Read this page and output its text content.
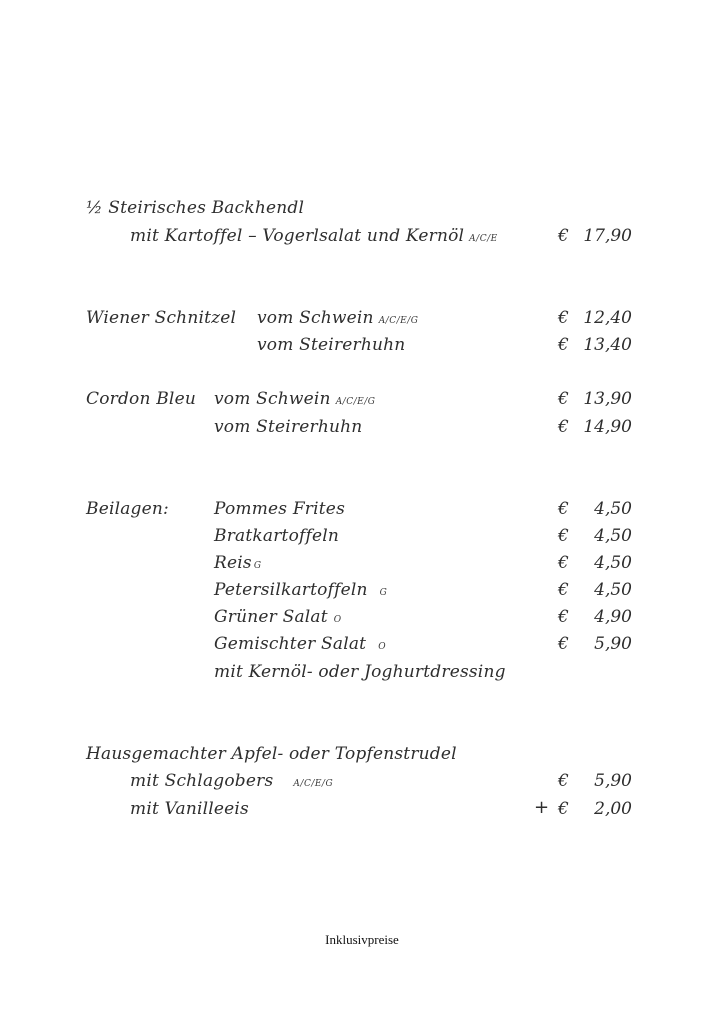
½ Steirisches Backhendl
mit Kartoffel – Vogerlsalat und Kernöl A/C/E	€ 17,90
Wiener Schnitzel vom Schwein A/C/E/G	€ 12,40
vom Steirerhuhn	€ 13,40
Cordon Bleu vom Schwein A/C/E/G	€ 13,90
vom Steirerhuhn	€ 14,90
Beilagen:	Pommes Frites	€ 4,50
Bratkartoffeln	€ 4,50
Reis G	€ 4,50
Petersilkartoffeln G	€ 4,50
Grüner Salat O	€ 4,90
Gemischter Salat O	€ 5,90
mit Kernöl- oder Joghurtdressing
Hausgemachter Apfel- oder Topfenstrudel
mit Schlagobers A/C/E/G	€ 5,90
mit Vanilleeis	+ € 2,00
Inklusivpreise
